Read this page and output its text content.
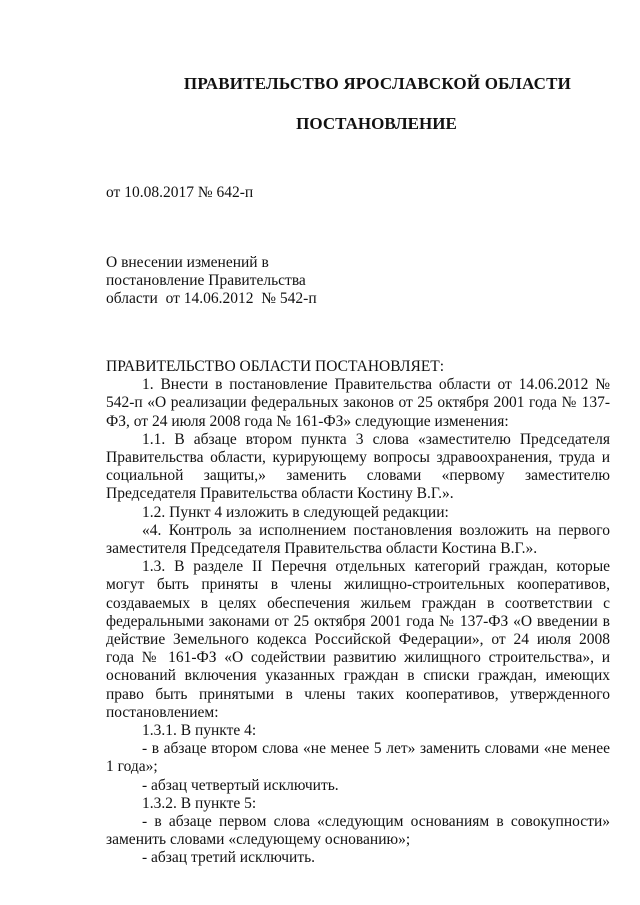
ПРАВИТЕЛЬСТВО ЯРОСЛАВСКОЙ ОБЛАСТИ
ПОСТАНОВЛЕНИЕ
от 10.08.2017 № 642-п
О внесении изменений в
постановление Правительства
области  от 14.06.2012  № 542-п

ПРАВИТЕЛЬСТВО ОБЛАСТИ ПОСТАНОВЛЯЕТ:

1. Внести в постановление Правительства области от 14.06.2012 № 542-п «О реализации федеральных законов от 25 октября 2001 года № 137-ФЗ, от 24 июля 2008 года № 161-ФЗ» следующие изменения:

1.1. В абзаце втором пункта 3 слова «заместителю Председателя Правительства области, курирующему вопросы здравоохранения, труда и социальной защиты,» заменить словами «первому заместителю Председателя Правительства области Костину В.Г.».

1.2. Пункт 4 изложить в следующей редакции:

«4. Контроль за исполнением постановления возложить на первого заместителя Председателя Правительства области Костина В.Г.».

1.3. В разделе II Перечня отдельных категорий граждан, которые могут быть приняты в члены жилищно-строительных кооперативов, создаваемых в целях обеспечения жильем граждан в соответствии с федеральными законами от 25 октября 2001 года № 137-ФЗ «О введении в действие Земельного кодекса Российской Федерации», от 24 июля 2008 года № 161-ФЗ «О содействии развитию жилищного строительства», и оснований включения указанных граждан в списки граждан, имеющих право быть принятыми в члены таких кооперативов, утвержденного постановлением:

1.3.1. В пункте 4:

- в абзаце втором слова «не менее 5 лет» заменить словами «не менее 1 года»;

- абзац четвертый исключить.

1.3.2. В пункте 5:

- в абзаце первом слова «следующим основаниям в совокупности» заменить словами «следующему основанию»;

- абзац третий исключить.
